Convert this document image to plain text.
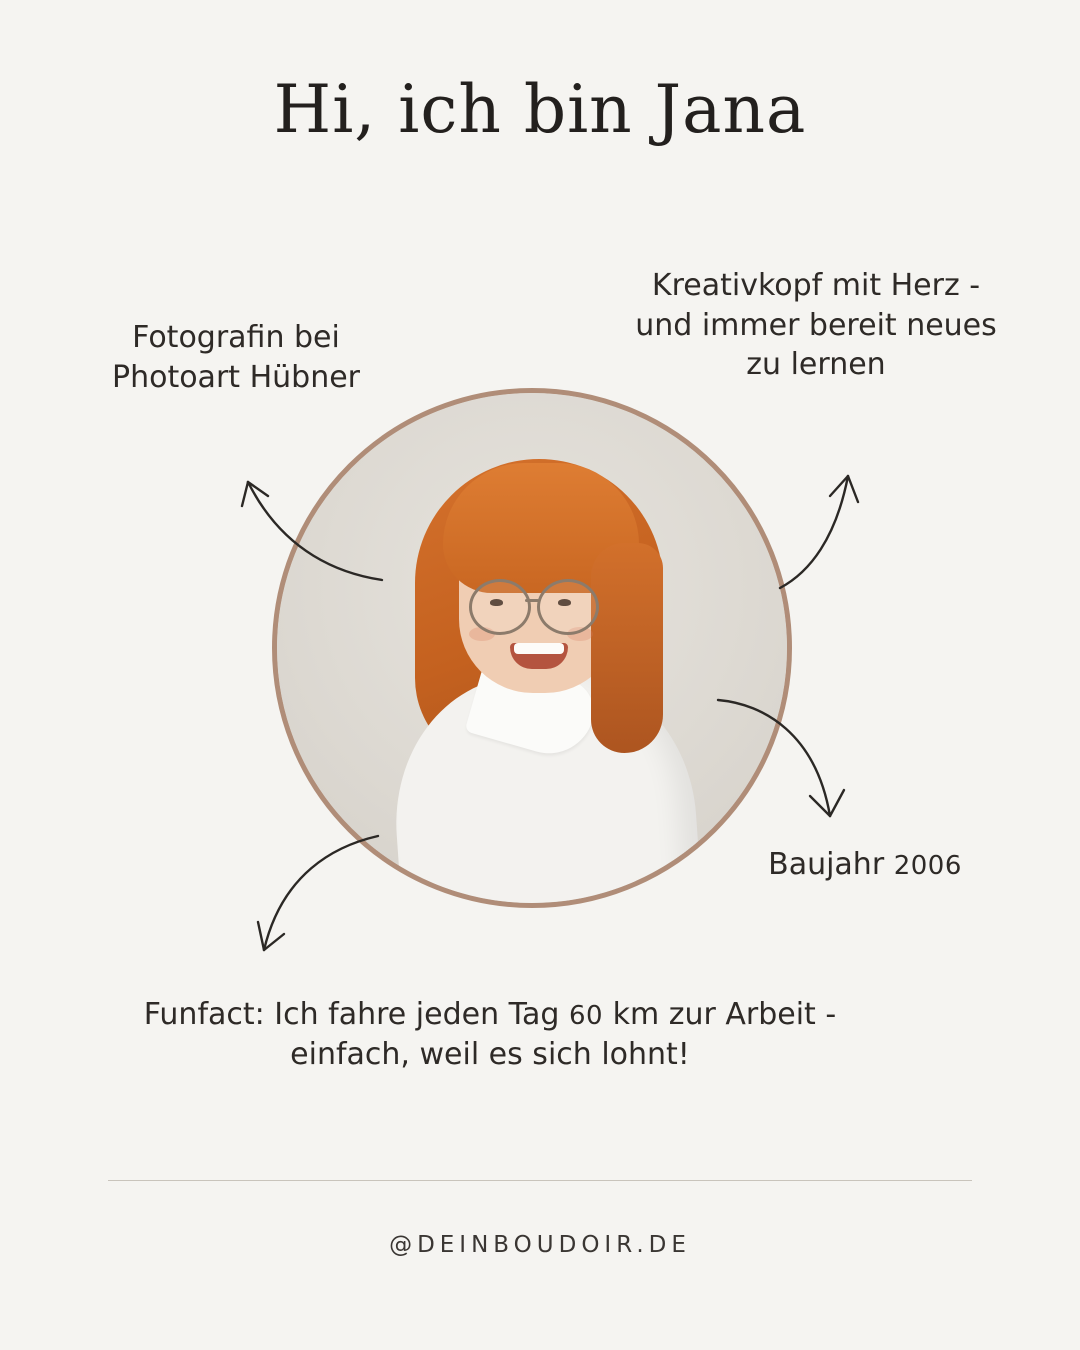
Hi, ich bin Jana
Fotografin bei
Photoart Hübner
Kreativkopf mit Herz -
und immer bereit neues
zu lernen
Baujahr 2006
Funfact: Ich fahre jeden Tag 60 km zur Arbeit -
einfach, weil es sich lohnt!
@DEINBOUDOIR.DE
